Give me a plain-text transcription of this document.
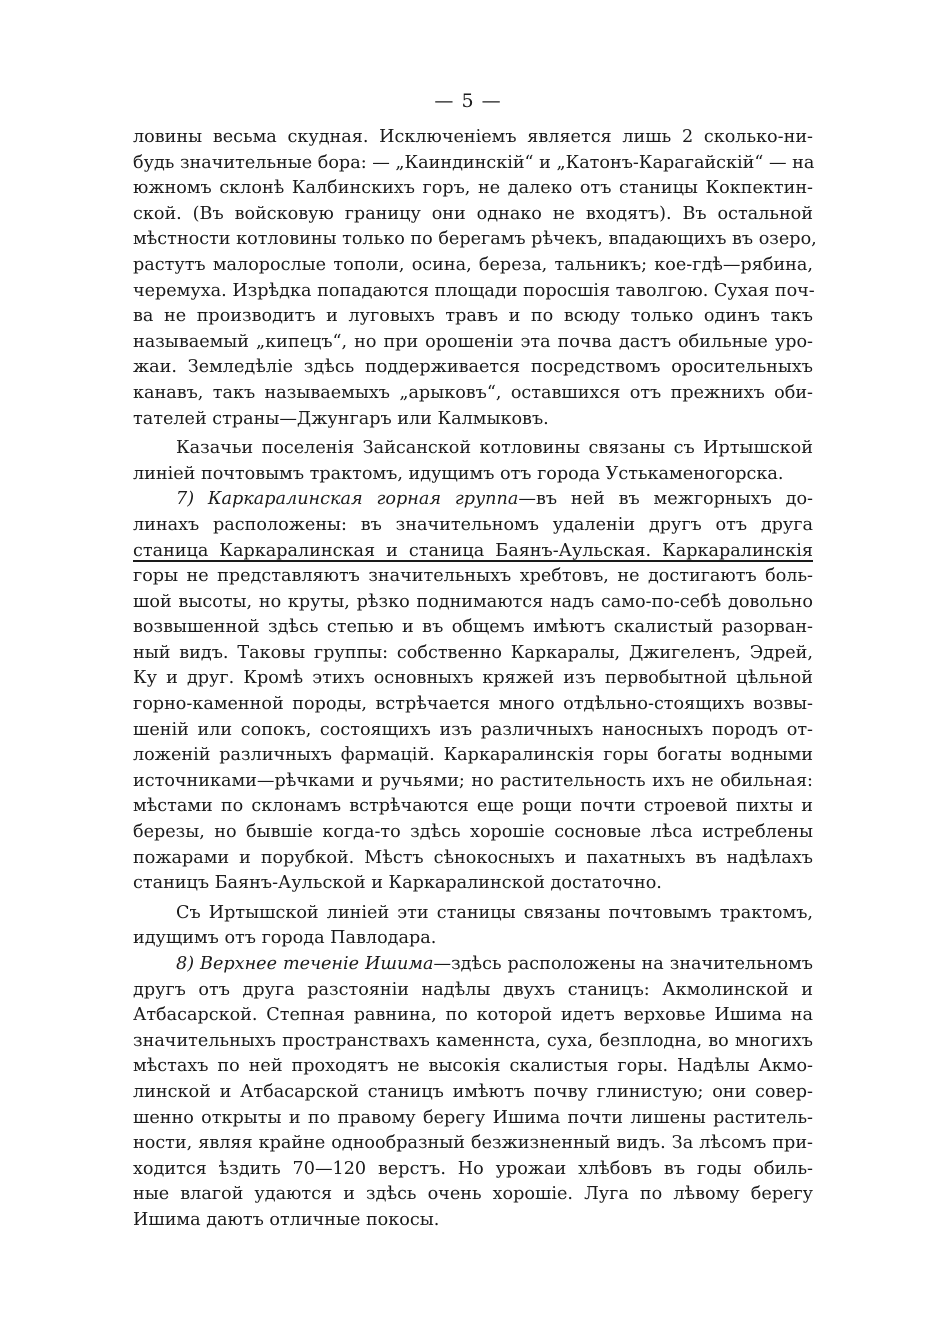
— 5 —
ловины весьма скудная. Исключенiемъ является лишь 2 сколько-ни-
будь значительные бора: — „Каиндинскiй“ и „Катонъ-Карагайскiй“ — на
южномъ склонѣ Калбинскихъ горъ, не далеко отъ станицы Кокпектин-
ской. (Въ войсковую границу они однако не входятъ). Въ остальной
мѣстности котловины только по берегамъ рѣчекъ, впадающихъ въ озеро,
растутъ малорослые тополи, осина, береза, тальникъ; кое-гдѣ—рябина,
черемуха. Изрѣдка попадаются площади поросшiя таволгою. Сухая поч-
ва не производитъ и луговыхъ травъ и по всюду только одинъ такъ
называемый „кипецъ“, но при орошенiи эта почва дастъ обильные уро-
жаи. Земледѣлiе здѣсь поддерживается посредствомъ оросительныхъ
канавъ, такъ называемыхъ „арыковъ“, оставшихся отъ прежнихъ оби-
тателей страны—Джунгаръ или Калмыковъ.
Казачьи поселенiя Зайсанской котловины связаны съ Иртышской
линiей почтовымъ трактомъ, идущимъ отъ города Устькаменогорска.
7) Каркаралинская горная группа—въ ней въ межгорныхъ до-
линахъ расположены: въ значительномъ удаленiи другъ отъ друга
станица Каркаралинская и станица Баянъ-Аульская. Каркаралинскiя
горы не представляютъ значительныхъ хребтовъ, не достигаютъ боль-
шой высоты, но круты, рѣзко поднимаются надъ само-по-себѣ довольно
возвышенной здѣсь степью и въ общемъ имѣютъ скалистый разорван-
ный видъ. Таковы группы: собственно Каркаралы, Джигеленъ, Эдрей,
Ку и друг. Кромѣ этихъ основныхъ кряжей изъ первобытной цѣльной
горно-каменной породы, встрѣчается много отдѣльно-стоящихъ возвы-
шенiй или сопокъ, состоящихъ изъ различныхъ наносныхъ породъ от-
ложенiй различныхъ фармацiй. Каркаралинскiя горы богаты водными
источниками—рѣчками и ручьями; но растительность ихъ не обильная:
мѣстами по склонамъ встрѣчаются еще рощи почти строевой пихты и
березы, но бывшiе когда-то здѣсь хорошiе сосновые лѣса истреблены
пожарами и порубкой. Мѣстъ сѣнокосныхъ и пахатныхъ въ надѣлахъ
станицъ Баянъ-Аульской и Каркаралинской достаточно.
Съ Иртышской линiей эти станицы связаны почтовымъ трактомъ,
идущимъ отъ города Павлодара.
8) Верхнее теченiе Ишима—здѣсь расположены на значительномъ
другъ отъ друга разстоянiи надѣлы двухъ станицъ: Акмолинской и
Атбасарской. Степная равнина, по которой идетъ верховье Ишима на
значительныхъ пространствахъ каменнста, суха, безплодна, во многихъ
мѣстахъ по ней проходятъ не высокiя скалистыя горы. Надѣлы Акмо-
линской и Атбасарской станицъ имѣютъ почву глинистую; они совер-
шенно открыты и по правому берегу Ишима почти лишены раститель-
ности, являя крайне однообразный безжизненный видъ. За лѣсомъ при-
ходится ѣздить 70—120 верстъ. Но урожаи хлѣбовъ въ годы обиль-
ные влагой удаются и здѣсь очень хорошiе. Луга по лѣвому берегу
Ишима даютъ отличные покосы.
